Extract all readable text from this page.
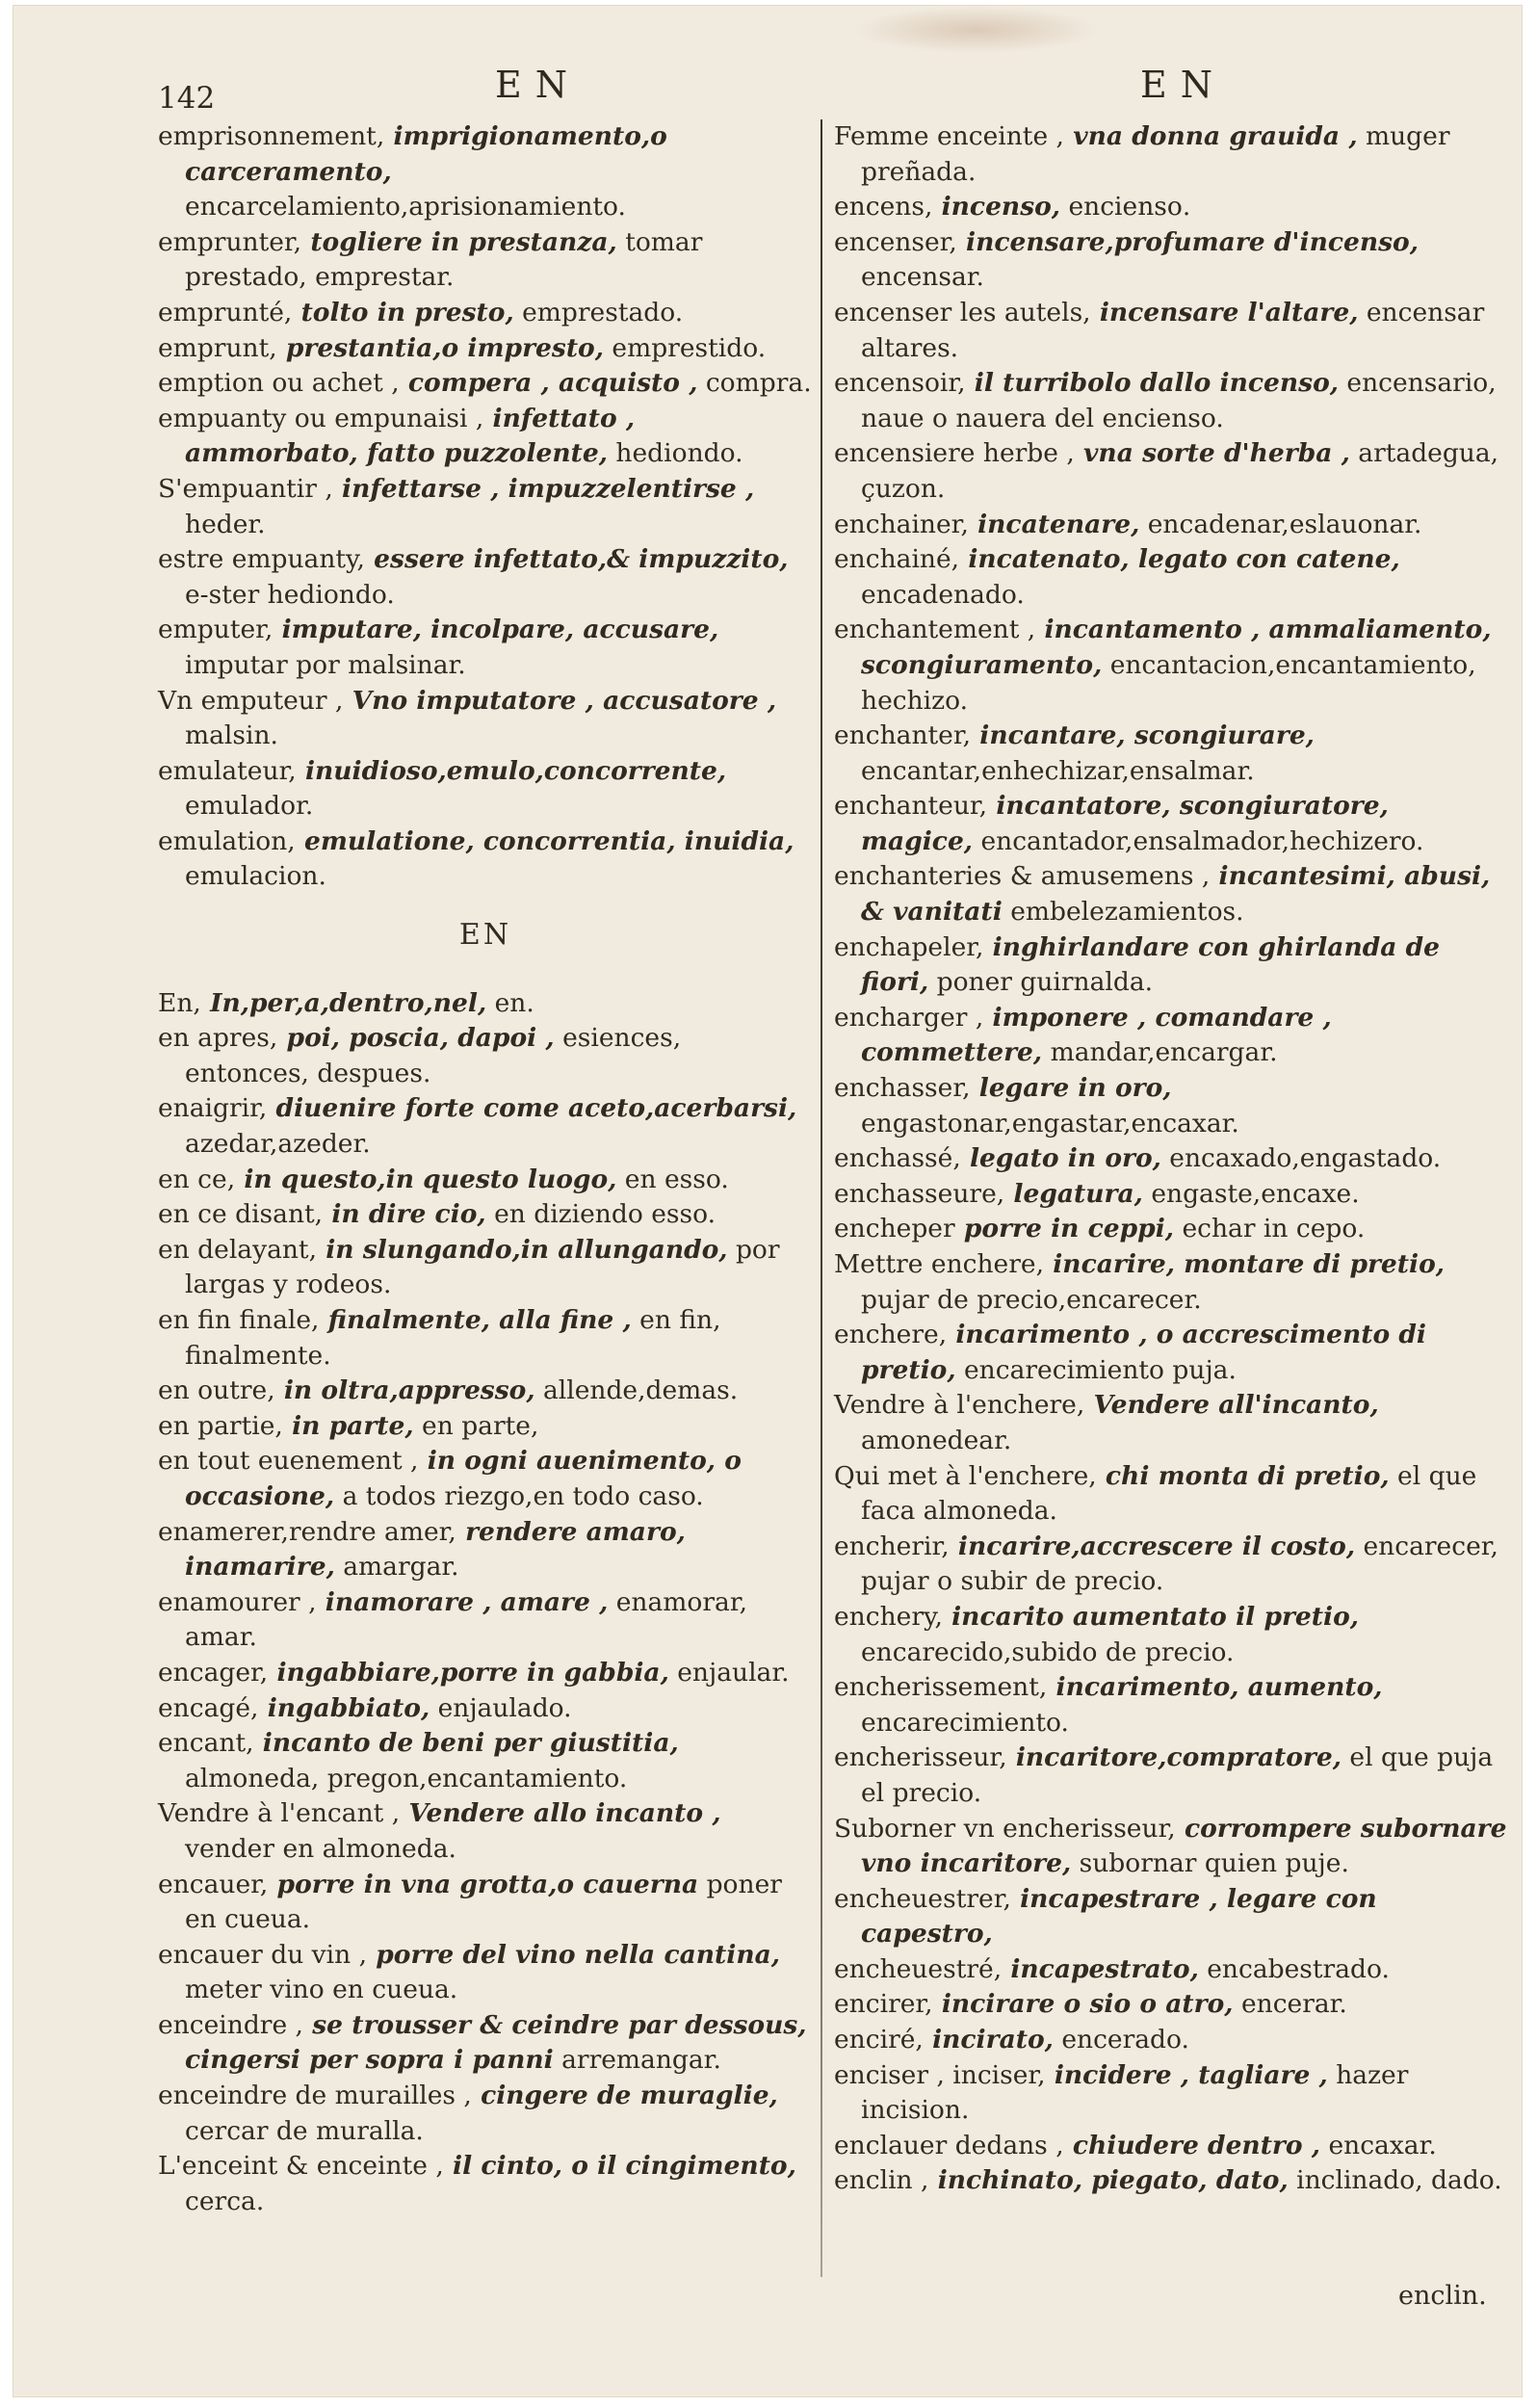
142	EN	EN
emprisonnement, imprigionamento,o carceramento, encarcelamiento,aprisionamiento.
emprunter, togliere in prestanza, tomar prestado, emprestar.
emprunté, tolto in presto, emprestado.
emprunt, prestantia,o impresto, emprestido.
emption ou achet , compera , acquisto , compra.
empuanty ou empunaisi , infettato , ammorbato, fatto puzzolente, hediondo.
S'empuantir , infettarse , impuzzelentirse , heder.
estre empuanty, essere infettato,& impuzzito, e-ster hediondo.
emputer, imputare, incolpare, accusare, imputar por malsinar.
Vn emputeur , Vno imputatore , accusatore , malsin.
emulateur, inuidioso,emulo,concorrente, emulador.
emulation, emulatione, concorrentia, inuidia, emulacion.
EN
En, In,per,a,dentro,nel, en.
en apres, poi, poscia, dapoi , esiences, entonces, despues.
enaigrir, diuenire forte come aceto,acerbarsi, azedar,azeder.
en ce, in questo,in questo luogo, en esso.
en ce disant, in dire cio, en diziendo esso.
en delayant, in slungando,in allungando, por largas y rodeos.
en fin finale, finalmente, alla fine , en fin, finalmente.
en outre, in oltra,appresso, allende,demas.
en partie, in parte, en parte,
en tout euenement , in ogni auenimento, o occasione, a todos riezgo,en todo caso.
enamerer,rendre amer, rendere amaro, inamarire, amargar.
enamourer , inamorare , amare , enamorar, amar.
encager, ingabbiare,porre in gabbia, enjaular.
encagé, ingabbiato, enjaulado.
encant, incanto de beni per giustitia, almoneda, pregon,encantamiento.
Vendre à l'encant , Vendere allo incanto , vender en almoneda.
encauer, porre in vna grotta,o cauerna poner en cueua.
encauer du vin , porre del vino nella cantina, meter vino en cueua.
enceindre , se trousser & ceindre par dessous, cingersi per sopra i panni arremangar.
enceindre de murailles , cingere de muraglie, cercar de muralla.
L'enceint & enceinte , il cinto, o il cingimento, cerca.
Femme enceinte , vna donna grauida , muger preñada.
encens, incenso, enciensо.
encenser, incensare,profumare d'incenso, encensar.
encenser les autels, incensare l'altare, encensar altares.
encensoir, il turribolo dallo incenso, encensario, naue o nauera del encienso.
encensiere herbe , vna sorte d'herba , artadegua, çuzon.
enchainer, incatenare, encadenar,eslauonar.
enchainé, incatenato, legato con catene, encadenado.
enchantement , incantamento , ammaliamento, scongiuramento, encantacion,encantamiento, hechizo.
enchanter, incantare, scongiurare, encantar,enhechizar,ensalmar.
enchanteur, incantatore, scongiuratore, magice, encantador,ensalmador,hechizero.
enchanteries & amusemens , incantesimi, abusi, & vanitati embelezamientos.
enchapeler, inghirlandare con ghirlanda de fiori, poner guirnalda.
encharger , imponere , comandare , commettere, mandar,encargar.
enchasser, legare in oro, engastonar,engastar,encaxar.
enchassé, legato in oro, encaxado,engastado.
enchasseure, legatura, engaste,encaxe.
encheper porre in ceppi, echar in cepo.
Mettre enchere, incarire, montare di pretio, pujar de precio,encarecer.
enchere, incarimento , o accrescimento di pretio, encarecimiento puja.
Vendre à l'enchere, Vendere all'incanto, amonedear.
Qui met à l'enchere, chi monta di pretio, el que faca almoneda.
encherir, incarire,accrescere il costo, encarecer, pujar o subir de precio.
enchery, incarito aumentato il pretio, encarecido,subido de precio.
encherissement, incarimento, aumento, encarecimiento.
encherisseur, incaritore,compratore, el que puja el precio.
Suborner vn encherisseur, corrompere subornare vno incaritore, subornar quien puje.
encheuestrer, incapestrare , legare con capestro,
encheuestré, incapestrato, encabestrado.
encirer, incirare o sio o atro, encerar.
enciré, incirato, encerado.
enciser , inciser, incidere , tagliare , hazer incision.
enclauer dedans , chiudere dentro , encaxar.
enclin , inchinato, piegato, dato, inclinado, dado.
enclin.
